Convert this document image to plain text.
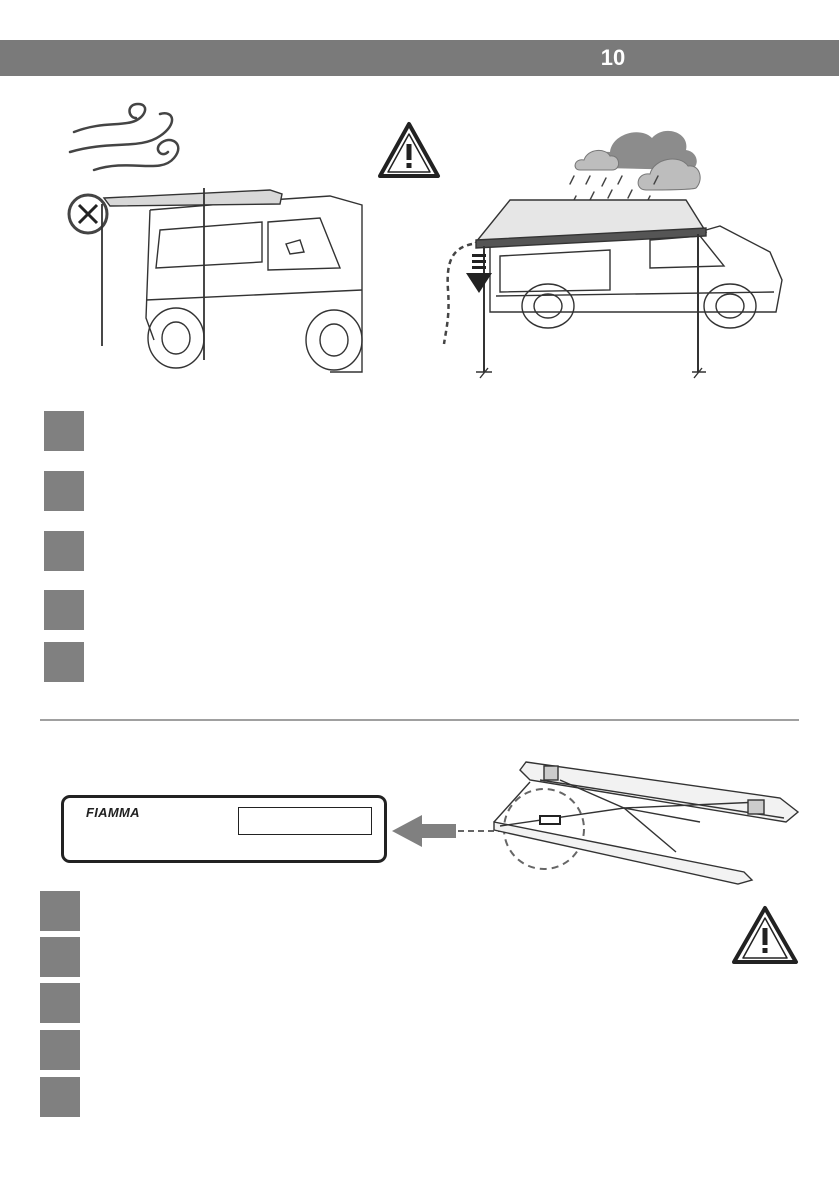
10
FIAMMA
